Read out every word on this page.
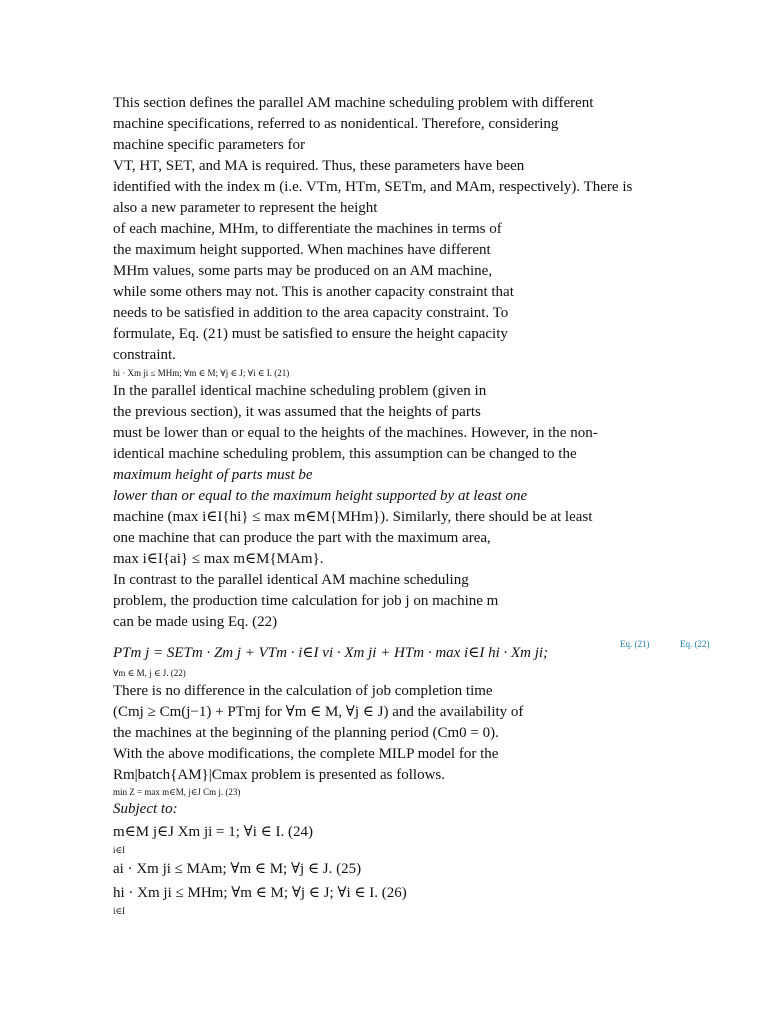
This section defines the parallel AM machine scheduling problem with different

machine specifications, referred to as nonidentical. Therefore, considering

machine specific parameters for

VT, HT, SET, and MA is required. Thus, these parameters have been

identified with the index m (i.e. VTm, HTm, SETm, and MAm, respectively). There is

also a new parameter to represent the height

of each machine, MHm, to differentiate the machines in terms of

the maximum height supported. When machines have different

MHm values, some parts may be produced on an AM machine,

while some others may not. This is another capacity constraint that

needs to be satisfied in addition to the area capacity constraint. To

formulate, Eq. (21) must be satisfied to ensure the height capacity

constraint.

hi · Xm ji ≤ MHm; ∀m ∈ M; ∀j ∈ J; ∀i ∈ I. (21)

In the parallel identical machine scheduling problem (given in

the previous section), it was assumed that the heights of parts

must be lower than or equal to the heights of the machines. However, in the non-

identical machine scheduling problem, this assumption can be changed to the

maximum height of parts must be

lower than or equal to the maximum height supported by at least one

machine (max i∈I{hi} ≤ max m∈M{MHm}). Similarly, there should be at least

one machine that can produce the part with the maximum area,

max i∈I{ai} ≤ max m∈M{MAm}.

In contrast to the parallel identical AM machine scheduling

problem, the production time calculation for job j on machine m

can be made using Eq. (22)

Eq. (21)	Eq. (22)

PTm j = SETm · Zm j + VTm · i∈I vi · Xm ji + HTm · max i∈I hi · Xm ji;

∀m ∈ M, j ∈ J. (22)

There is no difference in the calculation of job completion time

(Cmj ≥ Cm(j−1) + PTmj for ∀m ∈ M, ∀j ∈ J) and the availability of

the machines at the beginning of the planning period (Cm0 = 0).

With the above modifications, the complete MILP model for the

Rm|batch{AM}|Cmax problem is presented as follows.

min Z = max m∈M, j∈J Cm j. (23)

Subject to:

m∈M j∈J Xm ji = 1; ∀i ∈ I. (24)

i∈I

ai · Xm ji ≤ MAm; ∀m ∈ M; ∀j ∈ J. (25)

hi · Xm ji ≤ MHm; ∀m ∈ M; ∀j ∈ J; ∀i ∈ I. (26)

i∈I
